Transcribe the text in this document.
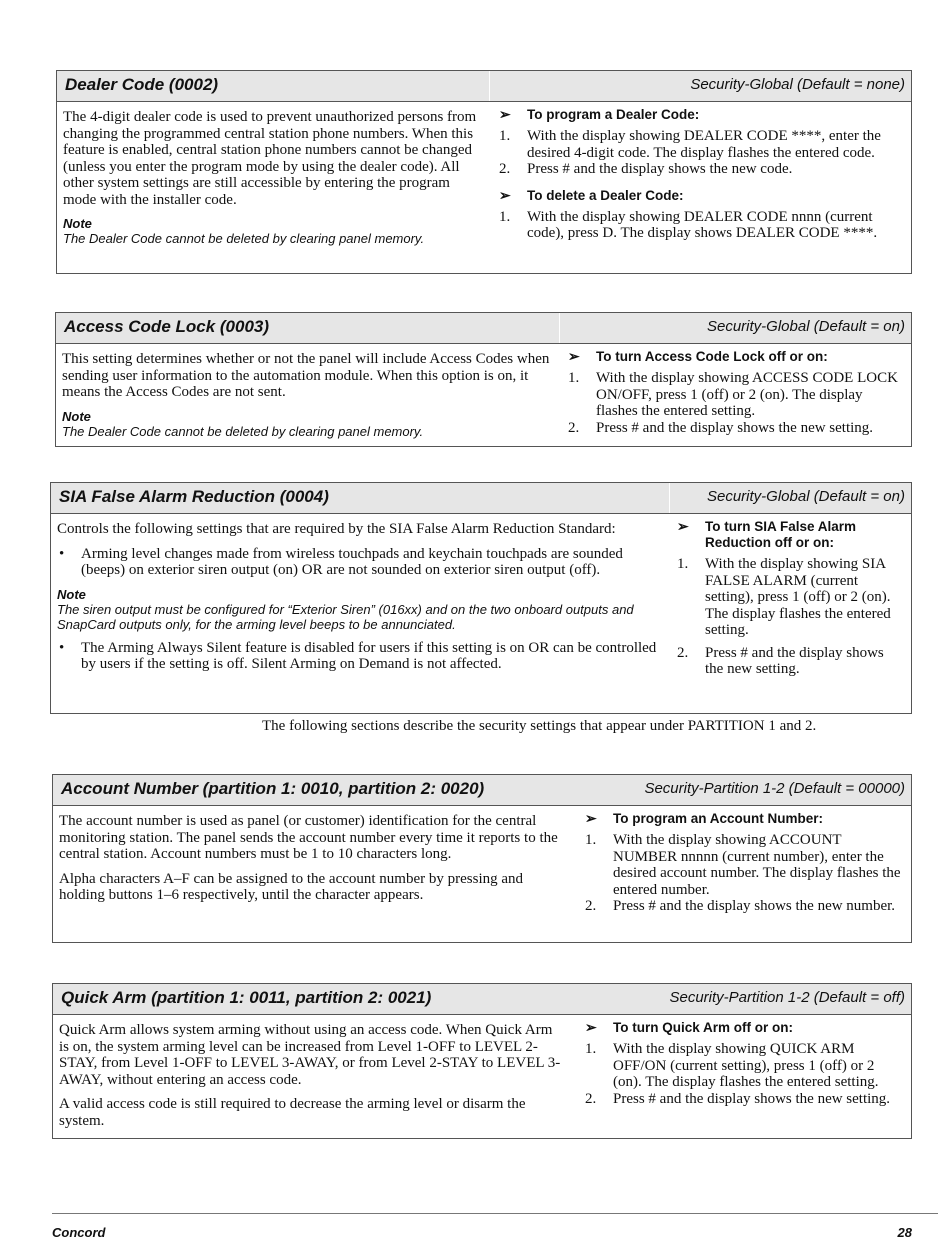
Dealer Code (0002)	Security-Global (Default = none)

The 4-digit dealer code is used to prevent unauthorized persons from changing the programmed central station phone numbers. When this feature is enabled, central station phone numbers cannot be changed (unless you enter the program mode by using the dealer code). All other system settings are still accessible by entering the program mode with the installer code.

Note
The Dealer Code cannot be deleted by clearing panel memory.
➢ To program a Dealer Code:
1. With the display showing DEALER CODE ****, enter the desired 4-digit code. The display flashes the entered code.
2. Press # and the display shows the new code.
➢ To delete a Dealer Code:
1. With the display showing DEALER CODE nnnn (current code), press D. The display shows DEALER CODE ****.
Access Code Lock (0003)	Security-Global (Default = on)

This setting determines whether or not the panel will include Access Codes when sending user information to the automation module. When this option is on, it means the Access Codes are not sent.

Note
The Dealer Code cannot be deleted by clearing panel memory.
➢ To turn Access Code Lock off or on:
1. With the display showing ACCESS CODE LOCK ON/OFF, press 1 (off) or 2 (on). The display flashes the entered setting.
2. Press # and the display shows the new setting.
SIA False Alarm Reduction (0004)	Security-Global (Default = on)

Controls the following settings that are required by the SIA False Alarm Reduction Standard:

• Arming level changes made from wireless touchpads and keychain touchpads are sounded (beeps) on exterior siren output (on) OR are not sounded on exterior siren output (off).
Note
The siren output must be configured for “Exterior Siren” (016xx) and on the two onboard outputs and SnapCard outputs only, for the arming level beeps to be annunciated.
• The Arming Always Silent feature is disabled for users if this setting is on OR can be controlled by users if the setting is off. Silent Arming on Demand is not affected.
➢ To turn SIA False Alarm Reduction off or on:
1. With the display showing SIA FALSE ALARM (current setting), press 1 (off) or 2 (on). The display flashes the entered setting.
2. Press # and the display shows the new setting.
The following sections describe the security settings that appear under PARTITION 1 and 2.
Account Number (partition 1: 0010, partition 2: 0020)	Security-Partition 1-2 (Default = 00000)

The account number is used as panel (or customer) identification for the central monitoring station. The panel sends the account number every time it reports to the central station. Account numbers must be 1 to 10 characters long.

Alpha characters A–F can be assigned to the account number by pressing and holding buttons 1–6 respectively, until the character appears.

➢ To program an Account Number:
1. With the display showing ACCOUNT NUMBER nnnnn (current number), enter the desired account number. The display flashes the entered number.
2. Press # and the display shows the new number.
Quick Arm (partition 1: 0011, partition 2: 0021)	Security-Partition 1-2 (Default = off)

Quick Arm allows system arming without using an access code. When Quick Arm is on, the system arming level can be increased from Level 1-OFF to LEVEL 2-STAY, from Level 1-OFF to LEVEL 3-AWAY, or from Level 2-STAY to LEVEL 3-AWAY, without entering an access code.

A valid access code is still required to decrease the arming level or disarm the system.

➢ To turn Quick Arm off or on:
1. With the display showing QUICK ARM OFF/ON (current setting), press 1 (off) or 2 (on). The display flashes the entered setting.
2. Press # and the display shows the new setting.
Concord	28
